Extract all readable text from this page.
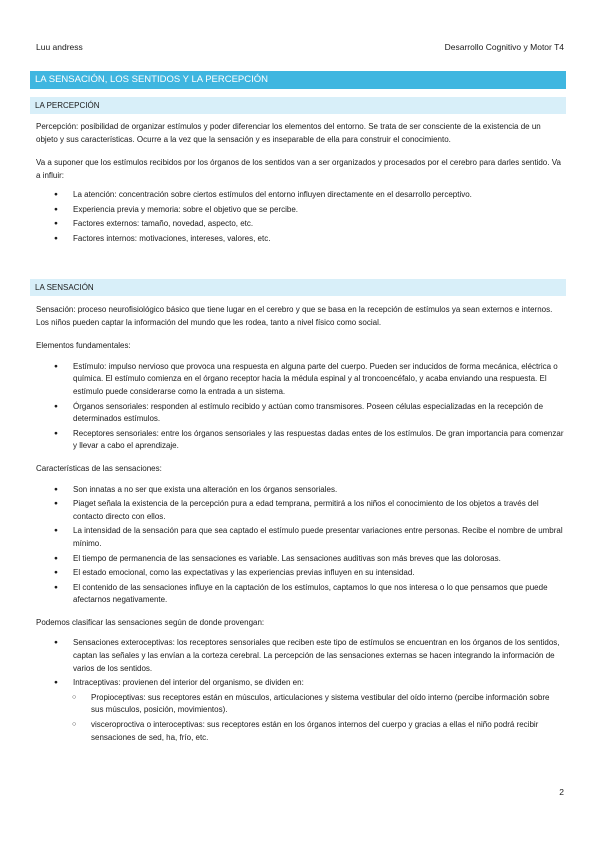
Luu andress	Desarrollo Cognitivo y Motor T4
LA SENSACIÓN, LOS SENTIDOS Y LA PERCEPCIÓN
LA PERCEPCIÓN

Percepción: posibilidad de organizar estímulos y poder diferenciar los elementos del entorno. Se trata de ser consciente de la existencia de un objeto y sus características. Ocurre a la vez que la sensación y es inseparable de ella para construir el conocimiento.

Va a suponer que los estímulos recibidos por los órganos de los sentidos van a ser organizados y procesados por el cerebro para darles sentido. Va a influir:

● La atención: concentración sobre ciertos estímulos del entorno influyen directamente en el desarrollo perceptivo.
● Experiencia previa y memoria: sobre el objetivo que se percibe.
● Factores externos: tamaño, novedad, aspecto, etc.
● Factores internos: motivaciones, intereses, valores, etc.
LA SENSACIÓN

Sensación: proceso neurofisiológico básico que tiene lugar en el cerebro y que se basa en la recepción de estímulos ya sean externos e internos. Los niños pueden captar la información del mundo que les rodea, tanto a nivel físico como social.

Elementos fundamentales:

● Estímulo: impulso nervioso que provoca una respuesta en alguna parte del cuerpo. Pueden ser inducidos de forma mecánica, eléctrica o química. El estímulo comienza en el órgano receptor hacia la médula espinal y al troncoencéfalo, y acaba enviando una respuesta. El estímulo puede considerarse como la entrada a un sistema.
● Órganos sensoriales: responden al estímulo recibido y actúan como transmisores. Poseen células especializadas en la recepción de determinados estímulos.
● Receptores sensoriales: entre los órganos sensoriales y las respuestas dadas entes de los estímulos. De gran importancia para comenzar y llevar a cabo el aprendizaje.

Características de las sensaciones:

● Son innatas a no ser que exista una alteración en los órganos sensoriales.
● Piaget señala la existencia de la percepción pura a edad temprana, permitirá a los niños el conocimiento de los objetos a través del contacto directo con ellos.
● La intensidad de la sensación para que sea captado el estímulo puede presentar variaciones entre personas. Recibe el nombre de umbral mínimo.
● El tiempo de permanencia de las sensaciones es variable. Las sensaciones auditivas son más breves que las dolorosas.
● El estado emocional, como las expectativas y las experiencias previas influyen en su intensidad.
● El contenido de las sensaciones influye en la captación de los estímulos, captamos lo que nos interesa o lo que pensamos que puede afectarnos negativamente.

Podemos clasificar las sensaciones según de donde provengan:

● Sensaciones exteroceptivas: los receptores sensoriales que reciben este tipo de estímulos se encuentran en los órganos de los sentidos, captan las señales y las envían a la corteza cerebral. La percepción de las sensaciones externas se hacen integrando la información de varios de los sentidos.
● Intraceptivas: provienen del interior del organismo, se dividen en:
○ Propioceptivas: sus receptores están en músculos, articulaciones y sistema vestibular del oído interno (percibe información sobre sus músculos, posición, movimientos).
○ visceroproctiva o interoceptivas: sus receptores están en los órganos internos del cuerpo y gracias a ellas el niño podrá recibir sensaciones de sed, ha, frío, etc.
2
